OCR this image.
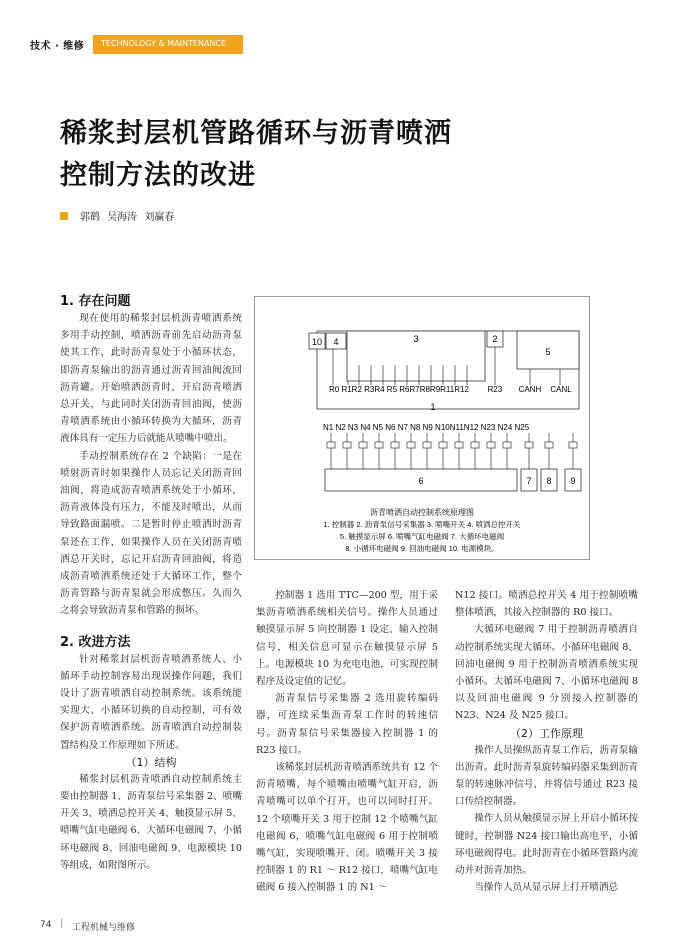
技术 · 维修	TECHNOLOGY & MAINTENANCE
稀浆封层机管路循环与沥青喷洒
控制方法的改进
郭鹤 吴海涛 刘赢春
1. 存在问题

现在使用的稀浆封层机沥青喷洒系统多用手动控制，喷洒沥青前先启动沥青泵使其工作，此时沥青泵处于小循环状态，即沥青泵输出的沥青通过沥青回油阀流回沥青罐。开始喷洒沥青时，开启沥青喷洒总开关，与此同时关闭沥青回油阀，使沥青喷洒系统由小循环转换为大循环，沥青液体具有一定压力后就能从喷嘴中喷出。

手动控制系统存在 2 个缺陷：一是在喷射沥青时如果操作人员忘记关闭沥青回油阀，将造成沥青喷洒系统处于小循环，沥青液体没有压力，不能及时喷出，从而导致路面漏喷。二是暂时停止喷洒时沥青泵还在工作，如果操作人员在关闭沥青喷洒总开关时，忘记开启沥青回油阀，将造成沥青喷洒系统还处于大循环工作，整个沥青管路与沥青泵就会形成憋压。久而久之将会导致沥青泵和管路的损坏。

2. 改进方法

针对稀浆封层机沥青喷洒系统人、小循环手动控制容易出现误操作问题，我们设计了沥青喷洒自动控制系统。该系统能实现大、小循环切换的自动控制，可有效保护沥青喷洒系统。沥青喷洒自动控制装置结构及工作原理如下所述。

（1）结构

稀浆封层机沥青喷洒自动控制系统主要由控制器 1、沥青泵信号采集器 2、喷嘴开关 3、喷洒总控开关 4、触摸显示屏 5、喷嘴气缸电磁阀 6、大循环电磁阀 7、小循环电磁阀 8、回油电磁阀 9、电源模块 10 等组成，如附图所示。

10 4	3	2
5
R0 R1R2 R3R4 R5 R6R7R8R9R11R12 R23 CANH CANL
1
N1 N2 N3 N4 N5 N6 N7 N8 N9 N10N11N12 N23 N24 N25
6	7 8 9
沥青喷洒自动控制系统原理图
1. 控制器 2. 沥青泵信号采集器 3. 喷嘴开关 4. 喷洒总控开关
5. 触摸显示屏 6. 喷嘴气缸电磁阀 7. 大循环电磁阀
8. 小循环电磁阀 9. 回油电磁阀 10. 电源模块。

控制器 1 选用 TTC—200 型，用于采集沥青喷洒系统相关信号。操作人员通过触摸显示屏 5 向控制器 1 设定、输入控制信号，相关信息可显示在触摸显示屏 5 上。电源模块 10 为充电电池，可实现控制程序及设定值的记忆。

沥青泵信号采集器 2 选用旋转编码器，可连续采集沥青泵工作时的转速信号。沥青泵信号采集器接入控制器 1 的 R23 接口。

该稀浆封层机沥青喷洒系统共有 12 个沥青喷嘴，每个喷嘴由喷嘴气缸开启，沥青喷嘴可以单个打开，也可以同时打开。12 个喷嘴开关 3 用于控制 12 个喷嘴气缸电磁阀 6，喷嘴气缸电磁阀 6 用于控制喷嘴气缸，实现喷嘴开、闭。喷嘴开关 3 接控制器 1 的 R1 ～ R12 接口，喷嘴气缸电磁阀 6 接入控制器 1 的 N1 ～

N12 接口。喷洒总控开关 4 用于控制喷嘴整体喷洒，其接入控制器的 R0 接口。

大循环电磁阀 7 用于控制沥青喷洒自动控制系统实现大循环。小循环电磁阀 8、回油电磁阀 9 用于控制沥青喷洒系统实现小循环。大循环电磁阀 7、小循环电磁阀 8 以及回油电磁阀 9 分别接入控制器的 N23、N24 及 N25 接口。

（2）工作原理

操作人员操纵沥青泵工作后，沥青泵输出沥青。此时沥青泵旋转编码器采集到沥青泵的转速脉冲信号，并将信号通过 R23 接口传给控制器。

操作人员从触摸显示屏上开启小循环按键时，控制器 N24 接口输出高电平，小循环电磁阀得电。此时沥青在小循环管路内流动并对沥青加热。

当操作人员从显示屏上打开喷洒总

74 | 工程机械与维修
